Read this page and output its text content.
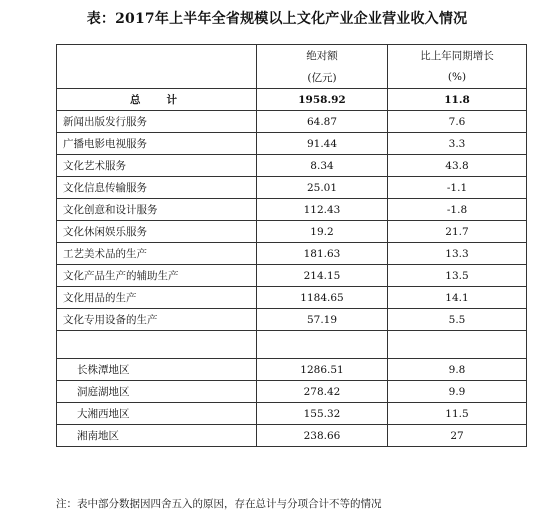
表：2017年上半年全省规模以上文化产业企业营业收入情况
	绝对额	比上年同期增长
	(亿元)	(%)
总计	1958.92	11.8
新闻出版发行服务	64.87	7.6
广播电影电视服务	91.44	3.3
文化艺术服务	8.34	43.8
文化信息传输服务	25.01	-1.1
文化创意和设计服务	112.43	-1.8
文化休闲娱乐服务	19.2	21.7
工艺美术品的生产	181.63	13.3
文化产品生产的辅助生产	214.15	13.5
文化用品的生产	1184.65	14.1
文化专用设备的生产	57.19	5.5

长株潭地区	1286.51	9.8
洞庭湖地区	278.42	9.9
大湘西地区	155.32	11.5
湘南地区	238.66	27
注：表中部分数据因四舍五入的原因，存在总计与分项合计不等的情况
